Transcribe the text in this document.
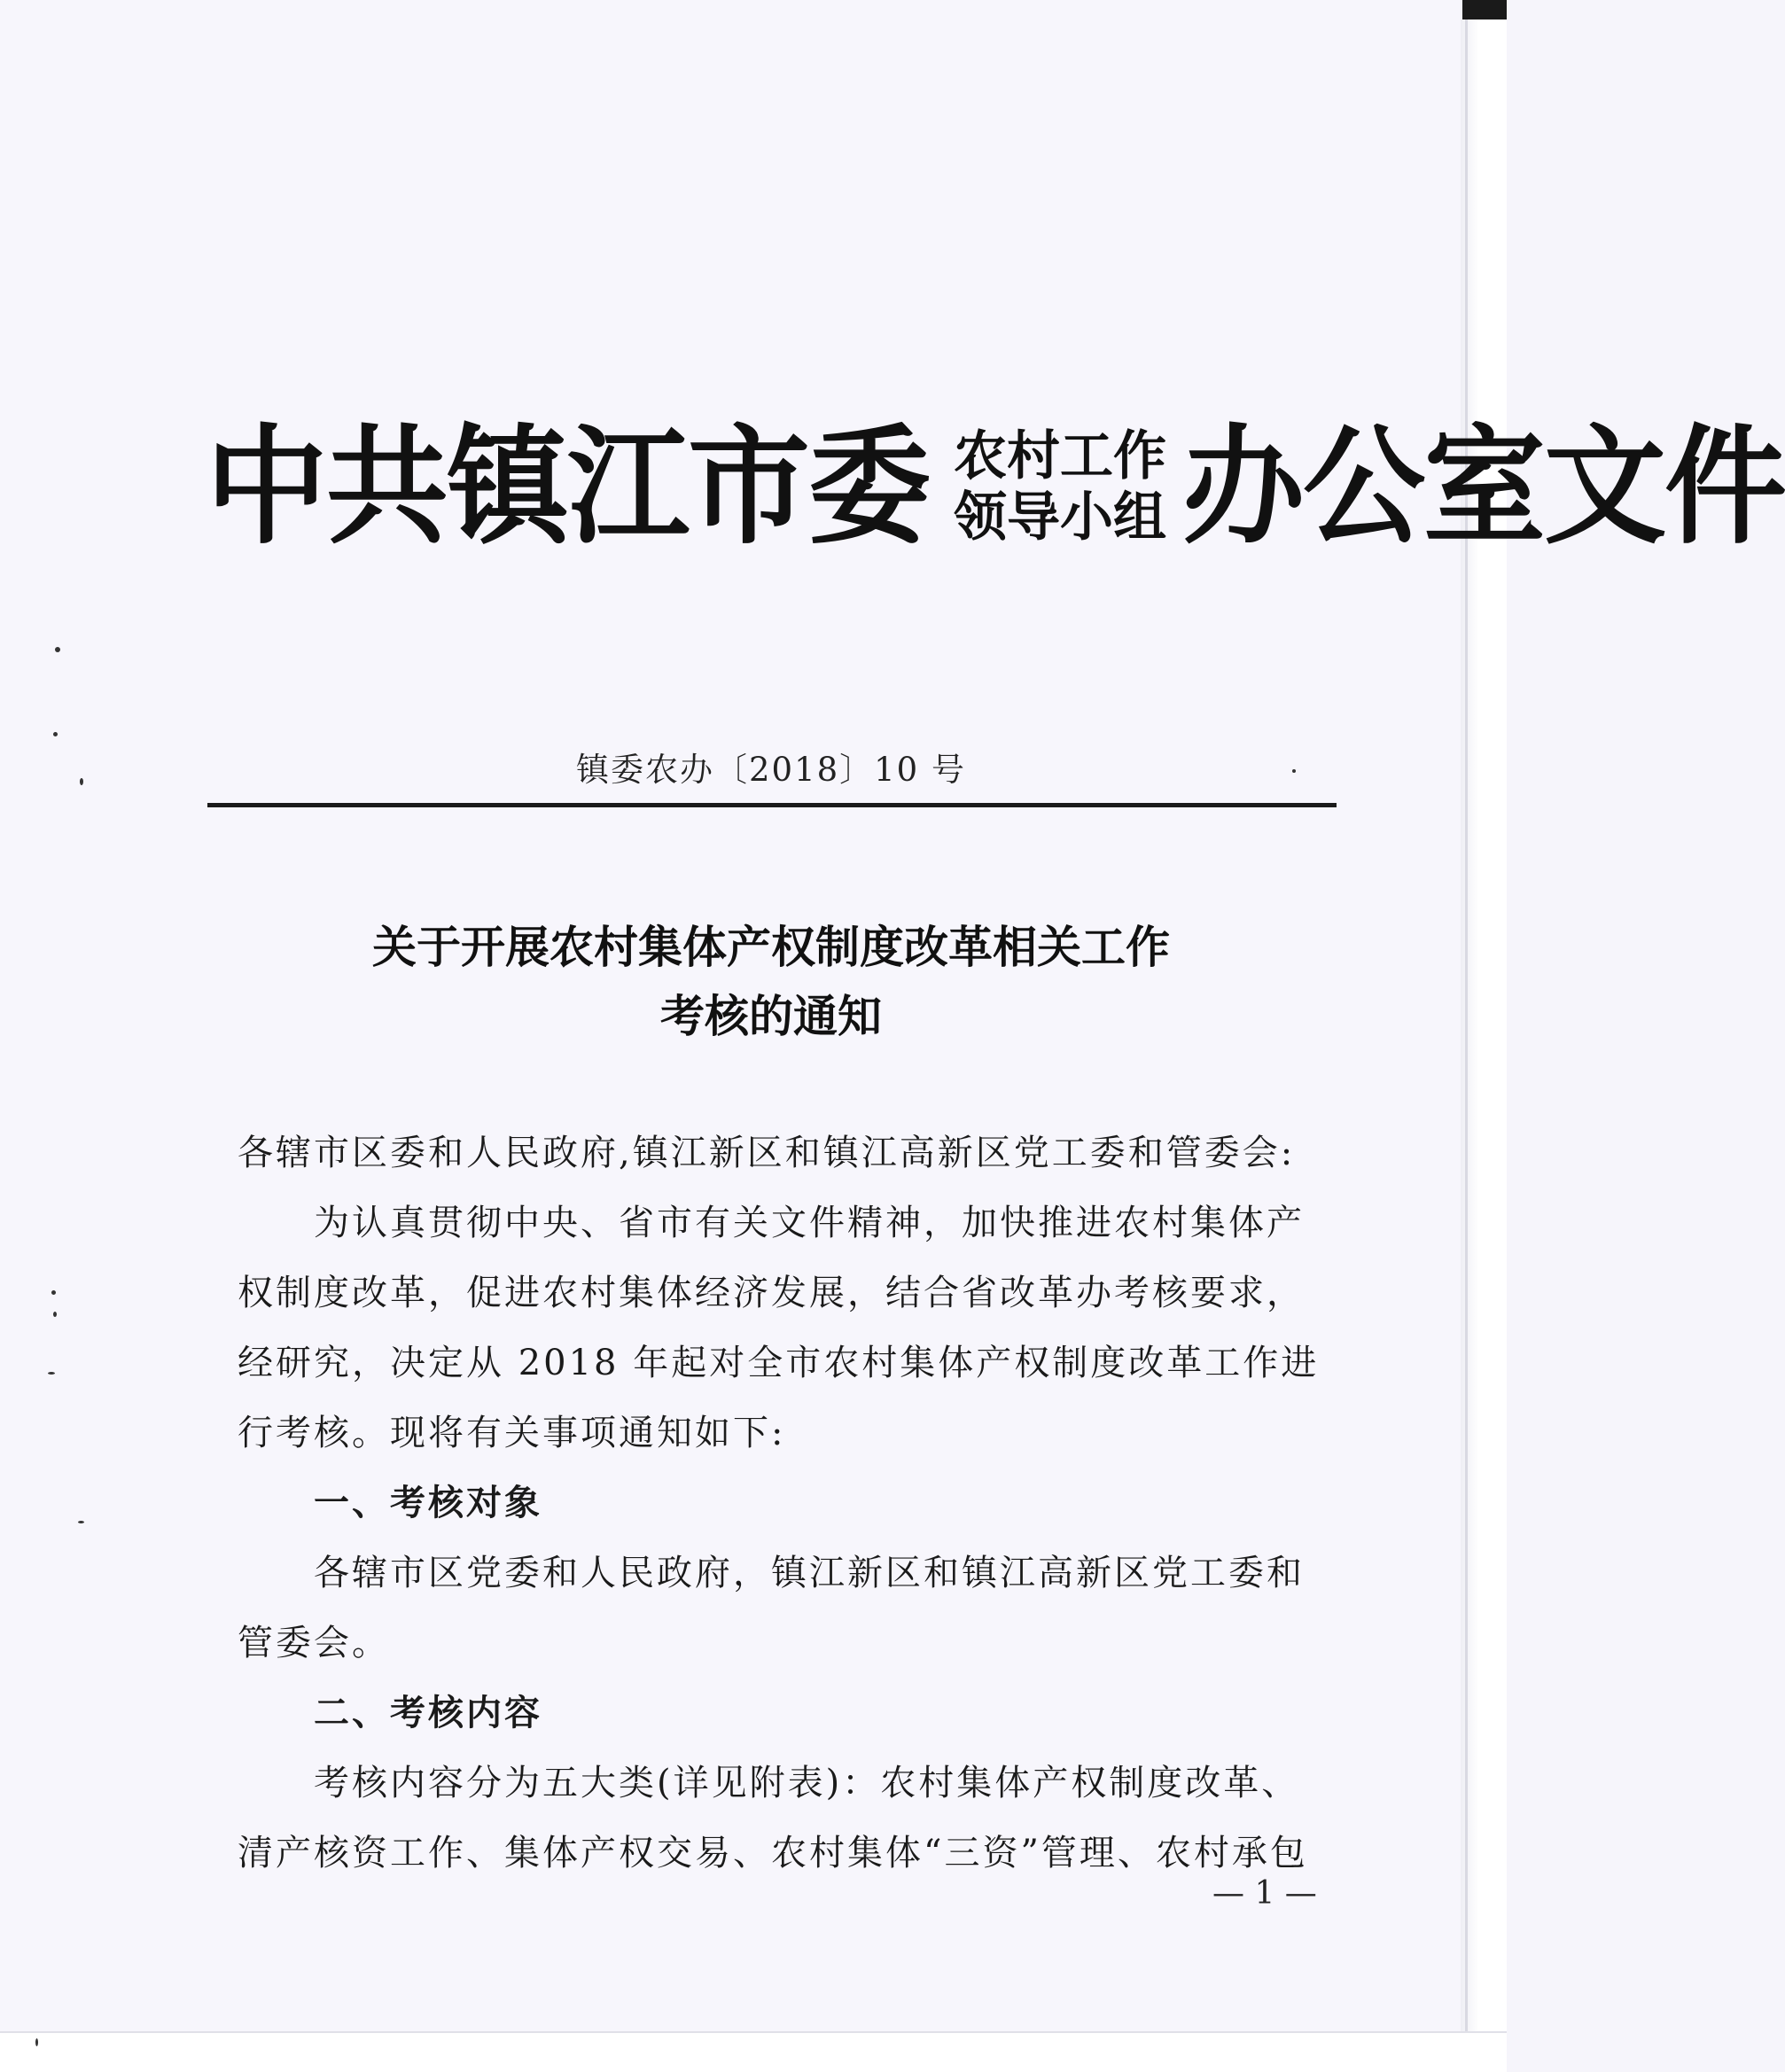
中共镇江市委 农村工作
领导小组 办公室文件
镇委农办〔2018〕10 号
关于开展农村集体产权制度改革相关工作
考核的通知

各辖市区委和人民政府,镇江新区和镇江高新区党工委和管委会:

为认真贯彻中央、省市有关文件精神，加快推进农村集体产权制度改革，促进农村集体经济发展，结合省改革办考核要求，经研究，决定从 2018 年起对全市农村集体产权制度改革工作进行考核。现将有关事项通知如下:

一、考核对象

各辖市区党委和人民政府，镇江新区和镇江高新区党工委和管委会。

二、考核内容

考核内容分为五大类(详见附表)：农村集体产权制度改革、清产核资工作、集体产权交易、农村集体“三资”管理、农村承包

— 1 —
